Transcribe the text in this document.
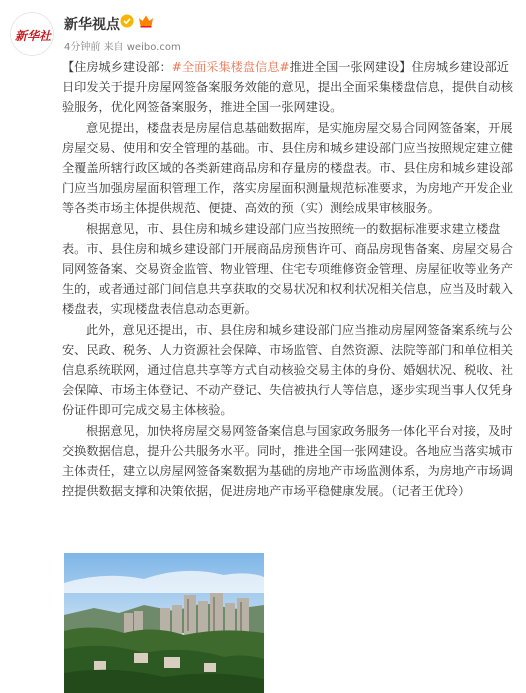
新华社
新华视点
4分钟前 来自 weibo.com

【住房城乡建设部：#全面采集楼盘信息#推进全国一张网建设】住房城乡建设部近日印发关于提升房屋网签备案服务效能的意见，提出全面采集楼盘信息，提供自动核验服务，优化网签备案服务，推进全国一张网建设。

意见提出，楼盘表是房屋信息基础数据库，是实施房屋交易合同网签备案，开展房屋交易、使用和安全管理的基础。市、县住房和城乡建设部门应当按照规定建立健全覆盖所辖行政区域的各类新建商品房和存量房的楼盘表。市、县住房和城乡建设部门应当加强房屋面积管理工作，落实房屋面积测量规范标准要求，为房地产开发企业等各类市场主体提供规范、便捷、高效的预（实）测绘成果审核服务。

根据意见，市、县住房和城乡建设部门应当按照统一的数据标准要求建立楼盘表。市、县住房和城乡建设部门开展商品房预售许可、商品房现售备案、房屋交易合同网签备案、交易资金监管、物业管理、住宅专项维修资金管理、房屋征收等业务产生的，或者通过部门间信息共享获取的交易状况和权利状况相关信息，应当及时载入楼盘表，实现楼盘表信息动态更新。

此外，意见还提出，市、县住房和城乡建设部门应当推动房屋网签备案系统与公安、民政、税务、人力资源社会保障、市场监管、自然资源、法院等部门和单位相关信息系统联网，通过信息共享等方式自动核验交易主体的身份、婚姻状况、税收、社会保障、市场主体登记、不动产登记、失信被执行人等信息，逐步实现当事人仅凭身份证件即可完成交易主体核验。

根据意见，加快将房屋交易网签备案信息与国家政务服务一体化平台对接，及时交换数据信息，提升公共服务水平。同时，推进全国一张网建设。各地应当落实城市主体责任，建立以房屋网签备案数据为基础的房地产市场监测体系，为房地产市场调控提供数据支撑和决策依据，促进房地产市场平稳健康发展。（记者王优玲）
